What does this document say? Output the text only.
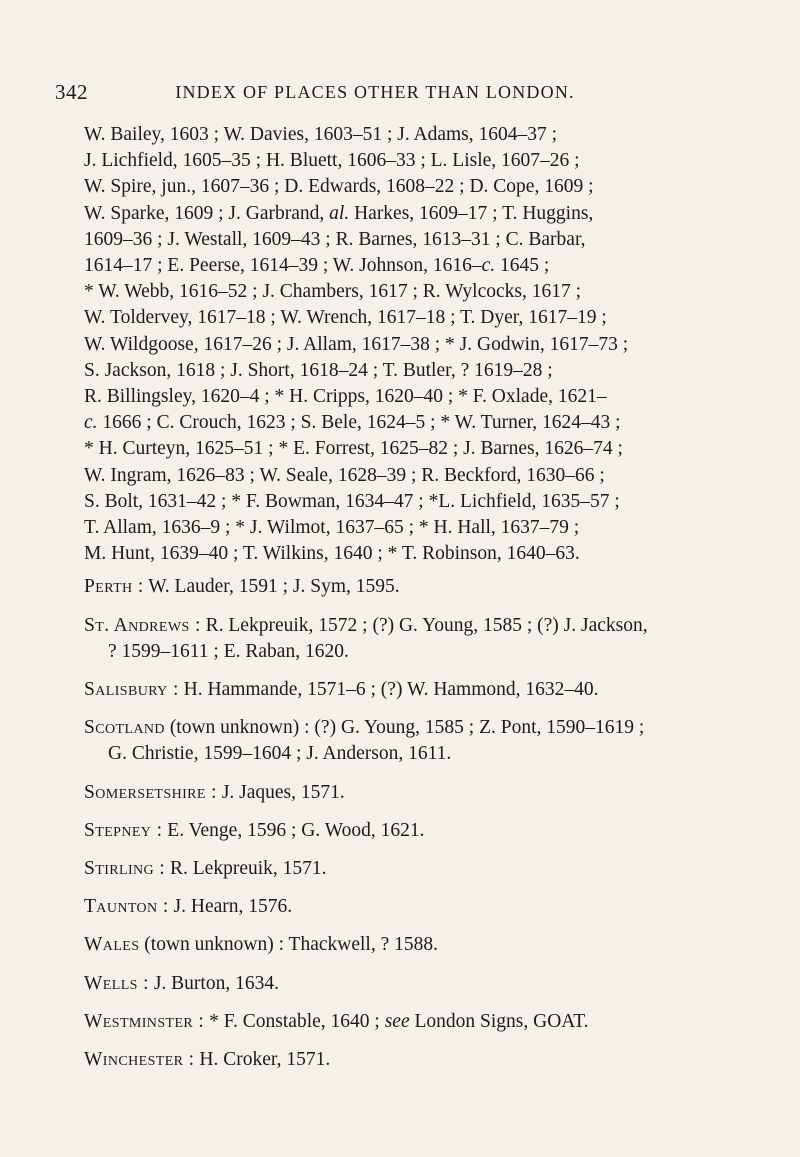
342	INDEX OF PLACES OTHER THAN LONDON.

W. Bailey, 1603 ; W. Davies, 1603–51 ; J. Adams, 1604–37 ;
J. Lichfield, 1605–35 ; H. Bluett, 1606–33 ; L. Lisle, 1607–26 ;
W. Spire, jun., 1607–36 ; D. Edwards, 1608–22 ; D. Cope, 1609 ;
W. Sparke, 1609 ; J. Garbrand, al. Harkes, 1609–17 ; T. Huggins,
1609–36 ; J. Westall, 1609–43 ; R. Barnes, 1613–31 ; C. Barbar,
1614–17 ; E. Peerse, 1614–39 ; W. Johnson, 1616–c. 1645 ;
* W. Webb, 1616–52 ; J. Chambers, 1617 ; R. Wylcocks, 1617 ;
W. Toldervey, 1617–18 ; W. Wrench, 1617–18 ; T. Dyer, 1617–19 ;
W. Wildgoose, 1617–26 ; J. Allam, 1617–38 ; * J. Godwin, 1617–73 ;
S. Jackson, 1618 ; J. Short, 1618–24 ; T. Butler, ? 1619–28 ;
R. Billingsley, 1620–4 ; * H. Cripps, 1620–40 ; * F. Oxlade, 1621–
c. 1666 ; C. Crouch, 1623 ; S. Bele, 1624–5 ; * W. Turner, 1624–43 ;
* H. Curteyn, 1625–51 ; * E. Forrest, 1625–82 ; J. Barnes, 1626–74 ;
W. Ingram, 1626–83 ; W. Seale, 1628–39 ; R. Beckford, 1630–66 ;
S. Bolt, 1631–42 ; * F. Bowman, 1634–47 ; *L. Lichfield, 1635–57 ;
T. Allam, 1636–9 ; * J. Wilmot, 1637–65 ; * H. Hall, 1637–79 ;
M. Hunt, 1639–40 ; T. Wilkins, 1640 ; * T. Robinson, 1640–63.

Perth : W. Lauder, 1591 ; J. Sym, 1595.

St. Andrews : R. Lekpreuik, 1572 ; (?) G. Young, 1585 ; (?) J. Jackson,
? 1599–1611 ; E. Raban, 1620.

Salisbury : H. Hammande, 1571–6 ; (?) W. Hammond, 1632–40.

Scotland (town unknown) : (?) G. Young, 1585 ; Z. Pont, 1590–1619 ;
G. Christie, 1599–1604 ; J. Anderson, 1611.

Somersetshire : J. Jaques, 1571.

Stepney : E. Venge, 1596 ; G. Wood, 1621.

Stirling : R. Lekpreuik, 1571.

Taunton : J. Hearn, 1576.

Wales (town unknown) : Thackwell, ? 1588.

Wells : J. Burton, 1634.

Westminster : * F. Constable, 1640 ; see London Signs, GOAT.

Winchester : H. Croker, 1571.
